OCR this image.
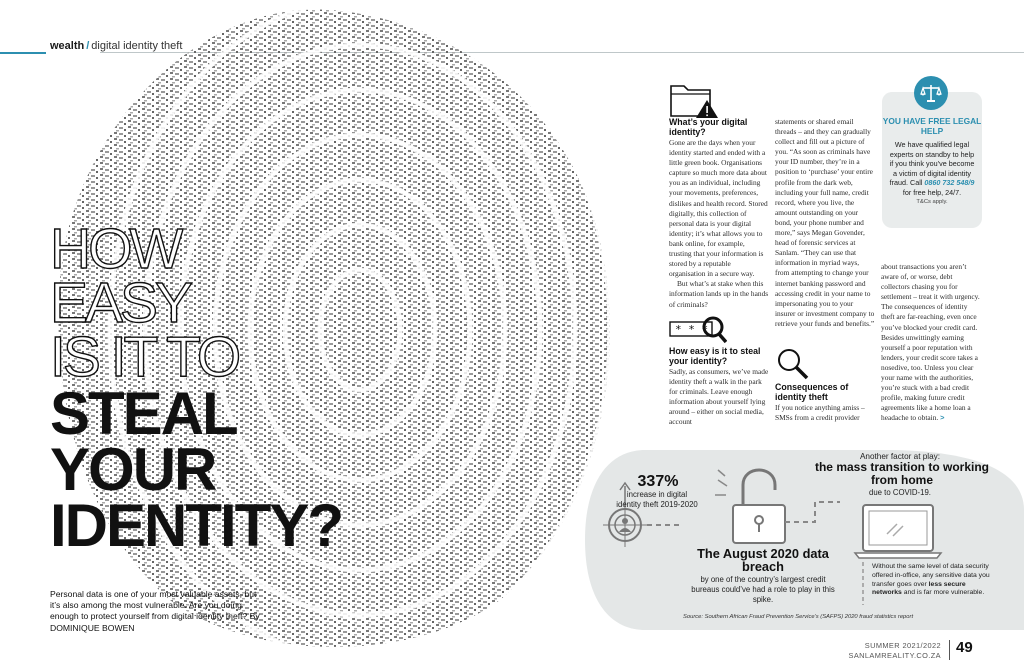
wealth / digital identity theft
HOW
EASY
IS IT TO
STEAL
YOUR
IDENTITY?
Personal data is one of your most valuable assets, but it’s also among the most vulnerable. Are you doing enough to protect yourself from digital identity theft? By DOMINIQUE BOWEN
What’s your digital identity?

Gone are the days when your identity started and ended with a little green book. Organisations capture so much more data about you as an individual, including your movements, preferences, dislikes and health record. Stored digitally, this collection of personal data is your digital identity; it’s what allows you to bank online, for example, trusting that your information is stored by a reputable organisation in a secure way.

But what’s at stake when this information lands up in the hands of criminals?

* * *
How easy is it to steal your identity?

Sadly, as consumers, we’ve made identity theft a walk in the park for criminals. Leave enough information about yourself lying around – either on social media, account

statements or shared email threads – and they can gradually collect and fill out a picture of you. “As soon as criminals have your ID number, they’re in a position to ‘purchase’ your entire profile from the dark web, including your full name, credit record, where you live, the amount outstanding on your bond, your phone number and more,” says Megan Govender, head of forensic services at Sanlam. “They can use that information in myriad ways, from attempting to change your internet banking password and accessing credit in your name to impersonating you to your insurer or investment company to retrieve your funds and benefits.”

Consequences of identity theft

If you notice anything amiss – SMSs from a credit provider

about transactions you aren’t aware of, or worse, debt collectors chasing you for settlement – treat it with urgency. The consequences of identity theft are far-reaching, even once you’ve blocked your credit card. Besides unwittingly earning yourself a poor reputation with lenders, your credit score takes a nosedive, too. Unless you clear your name with the authorities, you’re stuck with a bad credit profile, making future credit agreements like a home loan a headache to obtain. >

YOU HAVE FREE LEGAL HELP
We have qualified legal experts on standby to help if you think you’ve become a victim of digital identity fraud. Call 0860 732 548/9 for free help, 24/7.
T&Cs apply.
337%
increase in digital identity theft 2019-2020
The August 2020 data breach
by one of the country’s largest credit bureaus could’ve had a role to play in this spike.
Another factor at play:
the mass transition to working from home
due to COVID-19.
Without the same level of data security offered in-office, any sensitive data you transfer goes over less secure networks and is far more vulnerable.
Source: Southern African Fraud Prevention Service’s (SAFPS) 2020 fraud statistics report
SUMMER 2021/2022
SANLAMREALITY.CO.ZA 49
